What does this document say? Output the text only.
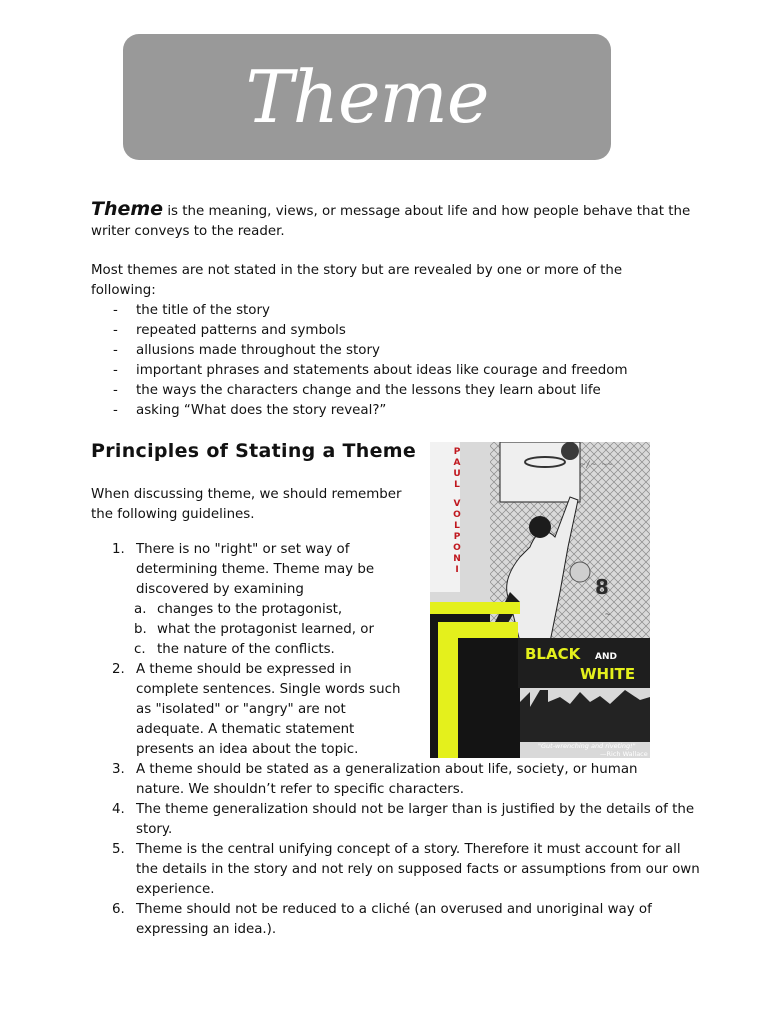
Theme

Theme is the meaning, views, or message about life and how people behave that the writer conveys to the reader.

Most themes are not stated in the story but are revealed by one or more of the following:
- the title of the story
- repeated patterns and symbols
- allusions made throughout the story
- important phrases and statements about ideas like courage and freedom
- the ways the characters change and the lessons they learn about life
- asking “What does the story reveal?”
Principles of Stating a Theme
When discussing theme, we should remember the following guidelines.
1. There is no "right" or set way of determining theme. Theme may be discovered by examining
a. changes to the protagonist,
b. what the protagonist learned, or
c. the nature of the conflicts.
2. A theme should be expressed in complete sentences. Single words such as "isolated" or "angry" are not adequate. A thematic statement presents an idea about the topic.
3. A theme should be stated as a generalization about life, society, or human nature. We shouldn’t refer to specific characters.
4. The theme generalization should not be larger than is justified by the details of the story.
5. Theme is the central unifying concept of a story. Therefore it must account for all the details in the story and not rely on supposed facts or assumptions from our own experience.
6. Theme should not be reduced to a cliché (an overused and unoriginal way of expressing an idea.).
~/~ ~~
8
~
BLACK AND
WHITE
"Gut-wrenching and riveting!"
—Rich Wallace
P
A
U
L
V
O
L
P
O
N
I
